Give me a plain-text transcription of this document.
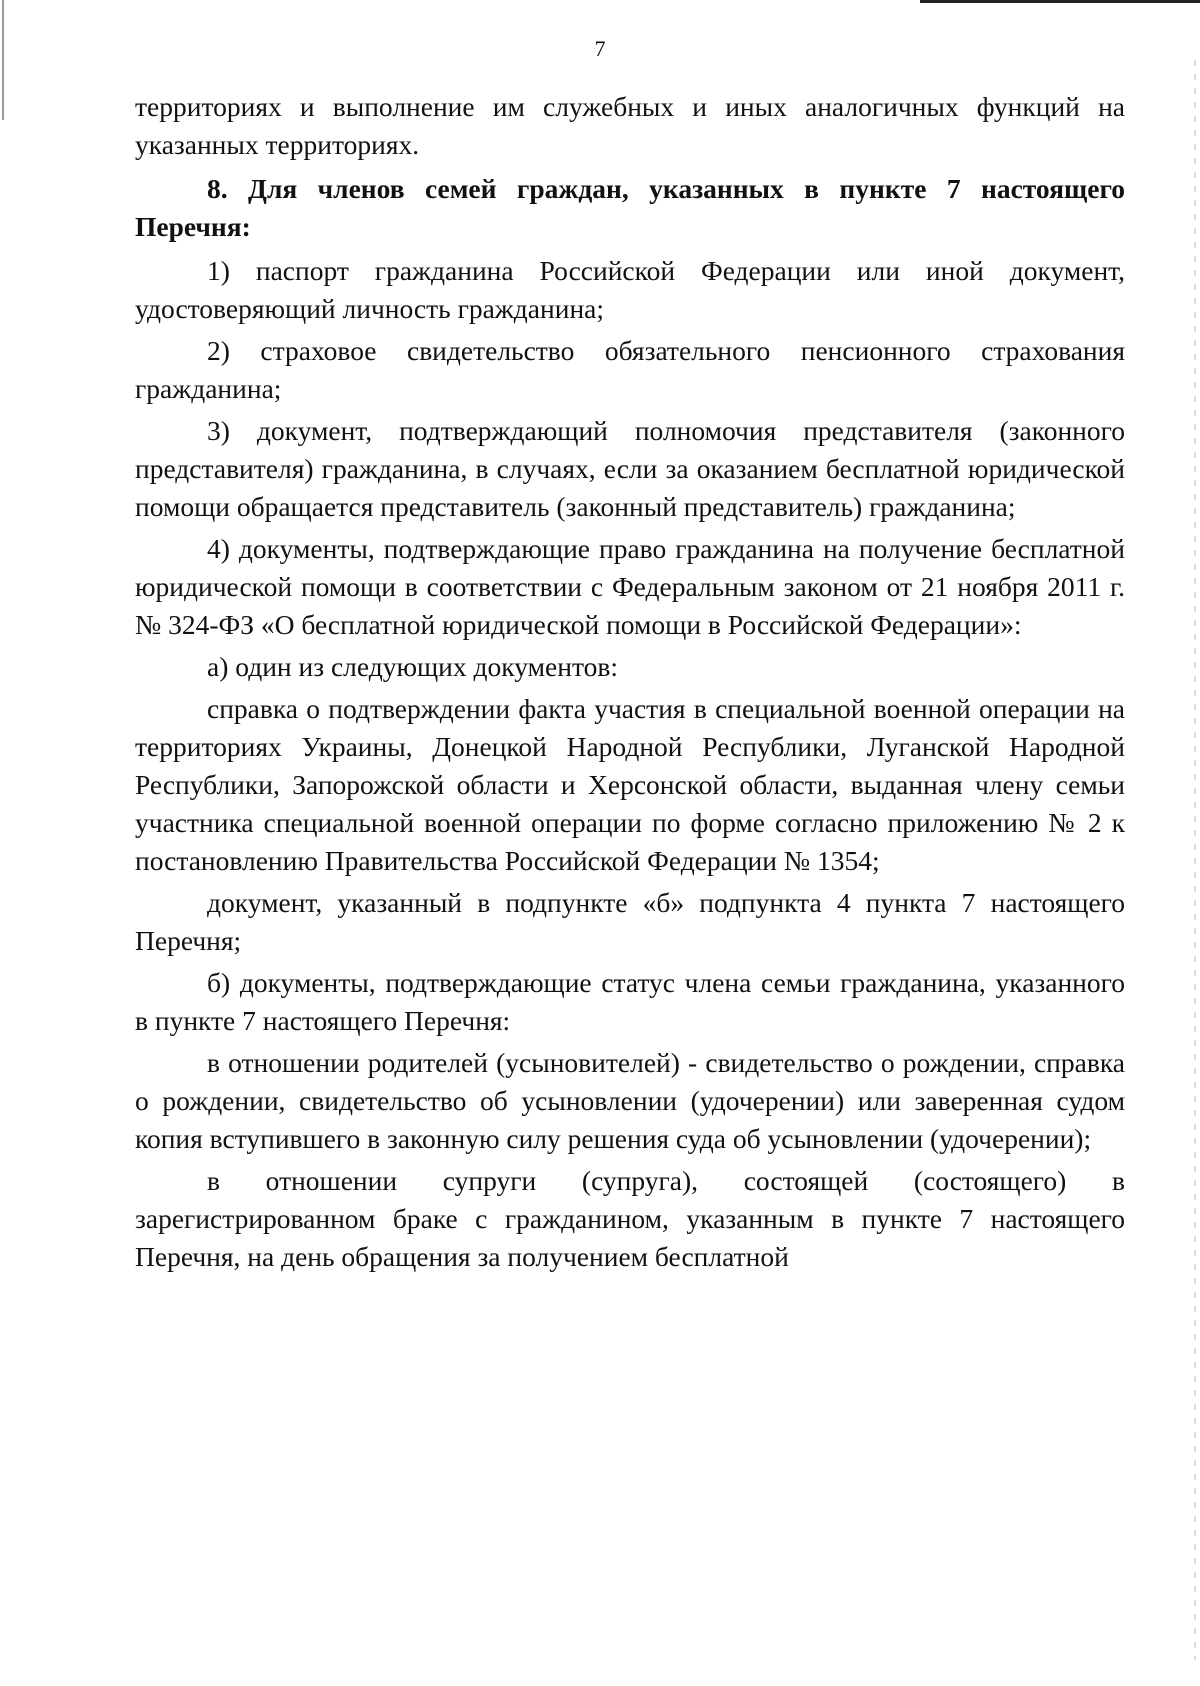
7

территориях и выполнение им служебных и иных аналогичных функций на указанных территориях.

8. Для членов семей граждан, указанных в пункте 7 настоящего Перечня:

1) паспорт гражданина Российской Федерации или иной документ, удостоверяющий личность гражданина;

2) страховое свидетельство обязательного пенсионного страхования гражданина;

3) документ, подтверждающий полномочия представителя (законного представителя) гражданина, в случаях, если за оказанием бесплатной юридической помощи обращается представитель (законный представитель) гражданина;

4) документы, подтверждающие право гражданина на получение бесплатной юридической помощи в соответствии с Федеральным законом от 21 ноября 2011 г. № 324-ФЗ «О бесплатной юридической помощи в Российской Федерации»:

а) один из следующих документов:

справка о подтверждении факта участия в специальной военной операции на территориях Украины, Донецкой Народной Республики, Луганской Народной Республики, Запорожской области и Херсонской области, выданная члену семьи участника специальной военной операции по форме согласно приложению № 2 к постановлению Правительства Российской Федерации № 1354;

документ, указанный в подпункте «б» подпункта 4 пункта 7 настоящего Перечня;

б) документы, подтверждающие статус члена семьи гражданина, указанного в пункте 7 настоящего Перечня:

в отношении родителей (усыновителей) - свидетельство о рождении, справка о рождении, свидетельство об усыновлении (удочерении) или заверенная судом копия вступившего в законную силу решения суда об усыновлении (удочерении);

в отношении супруги (супруга), состоящей (состоящего) в зарегистрированном браке с гражданином, указанным в пункте 7 настоящего Перечня, на день обращения за получением бесплатной
